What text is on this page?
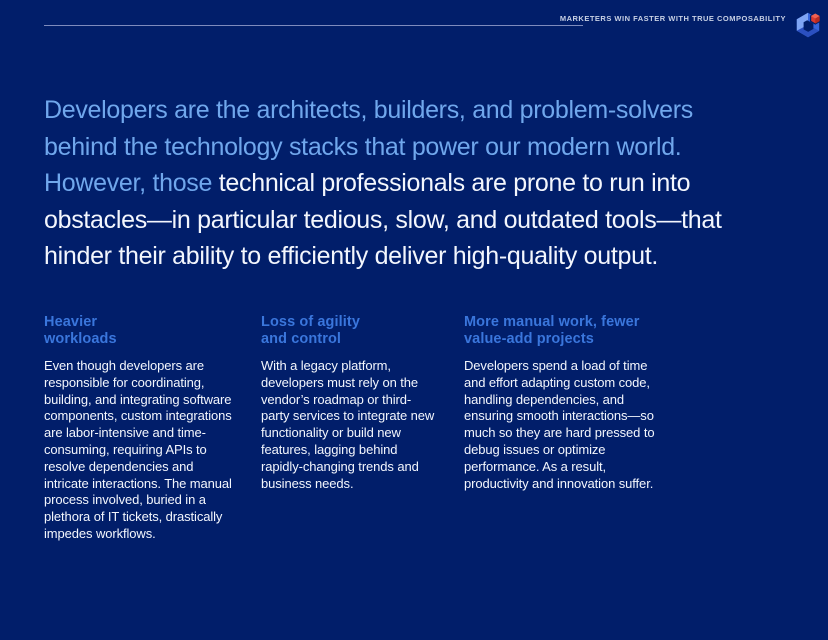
MARKETERS WIN FASTER WITH TRUE COMPOSABILITY
Developers are the architects, builders, and problem-solvers
behind the technology stacks that power our modern world.
However, those technical professionals are prone to run into
obstacles—in particular tedious, slow, and outdated tools—that
hinder their ability to efficiently deliver high-quality output.
Heavier
workloads

Even though developers are responsible for coordinating, building, and integrating software components, custom integrations are labor-intensive and time-consuming, requiring APIs to resolve dependencies and intricate interactions. The manual process involved, buried in a plethora of IT tickets, drastically impedes workflows.

Loss of agility
and control

With a legacy platform, developers must rely on the vendor’s roadmap or third-party services to integrate new functionality or build new features, lagging behind rapidly-changing trends and business needs.

More manual work, fewer
value-add projects

Developers spend a load of time and effort adapting custom code, handling dependencies, and ensuring smooth interactions—so much so they are hard pressed to debug issues or optimize performance. As a result, productivity and innovation suffer.
